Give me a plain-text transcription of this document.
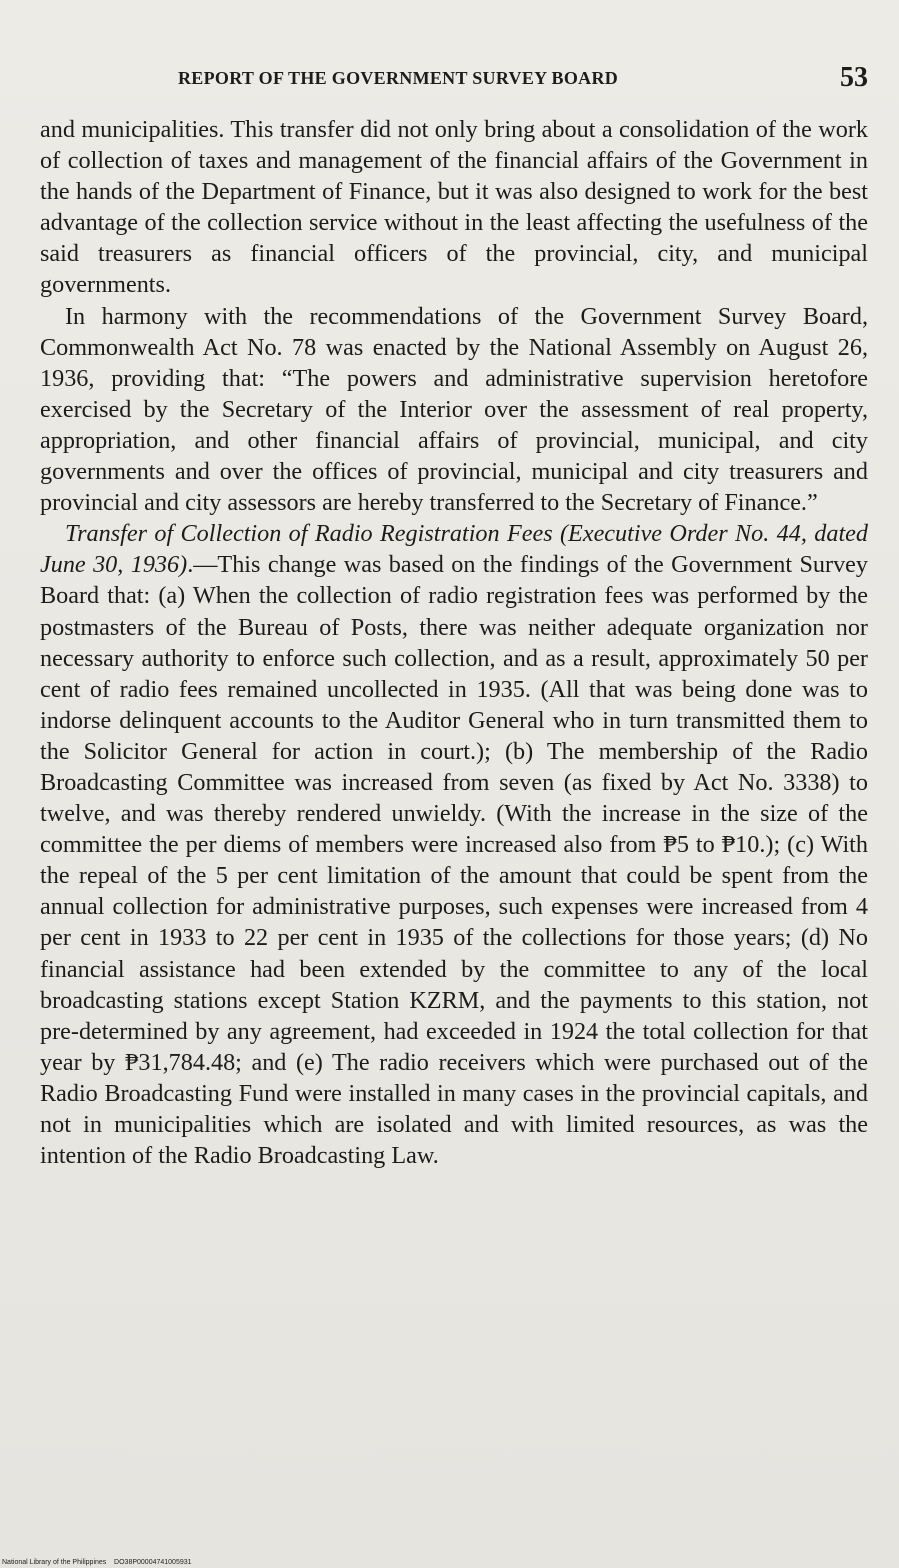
REPORT OF THE GOVERNMENT SURVEY BOARD	53

and municipalities. This transfer did not only bring about a consolidation of the work of collection of taxes and management of the financial affairs of the Government in the hands of the Department of Finance, but it was also designed to work for the best advantage of the collection service without in the least affecting the usefulness of the said treasurers as financial officers of the provincial, city, and municipal governments.

In harmony with the recommendations of the Government Survey Board, Commonwealth Act No. 78 was enacted by the National Assembly on August 26, 1936, providing that: “The powers and administrative supervision heretofore exercised by the Secretary of the Interior over the assessment of real property, appropriation, and other financial affairs of provincial, municipal, and city governments and over the offices of provincial, municipal and city treasurers and provincial and city assessors are hereby transferred to the Secretary of Finance.”

Transfer of Collection of Radio Registration Fees (Executive Order No. 44, dated June 30, 1936).—This change was based on the findings of the Government Survey Board that: (a) When the collection of radio registration fees was performed by the postmasters of the Bureau of Posts, there was neither adequate organization nor necessary authority to enforce such collection, and as a result, approximately 50 per cent of radio fees remained uncollected in 1935. (All that was being done was to indorse delinquent accounts to the Auditor General who in turn transmitted them to the Solicitor General for action in court.); (b) The membership of the Radio Broadcasting Committee was increased from seven (as fixed by Act No. 3338) to twelve, and was thereby rendered unwieldy. (With the increase in the size of the committee the per diems of members were increased also from ₱5 to ₱10.); (c) With the repeal of the 5 per cent limitation of the amount that could be spent from the annual collection for administrative purposes, such expenses were increased from 4 per cent in 1933 to 22 per cent in 1935 of the collections for those years; (d) No financial assistance had been extended by the committee to any of the local broadcasting stations except Station KZRM, and the payments to this station, not pre-determined by any agreement, had exceeded in 1924 the total collection for that year by ₱31,784.48; and (e) The radio receivers which were purchased out of the Radio Broadcasting Fund were installed in many cases in the provincial capitals, and not in municipalities which are isolated and with limited resources, as was the intention of the Radio Broadcasting Law.

National Library of the Philippines    DO38P00004741005931
